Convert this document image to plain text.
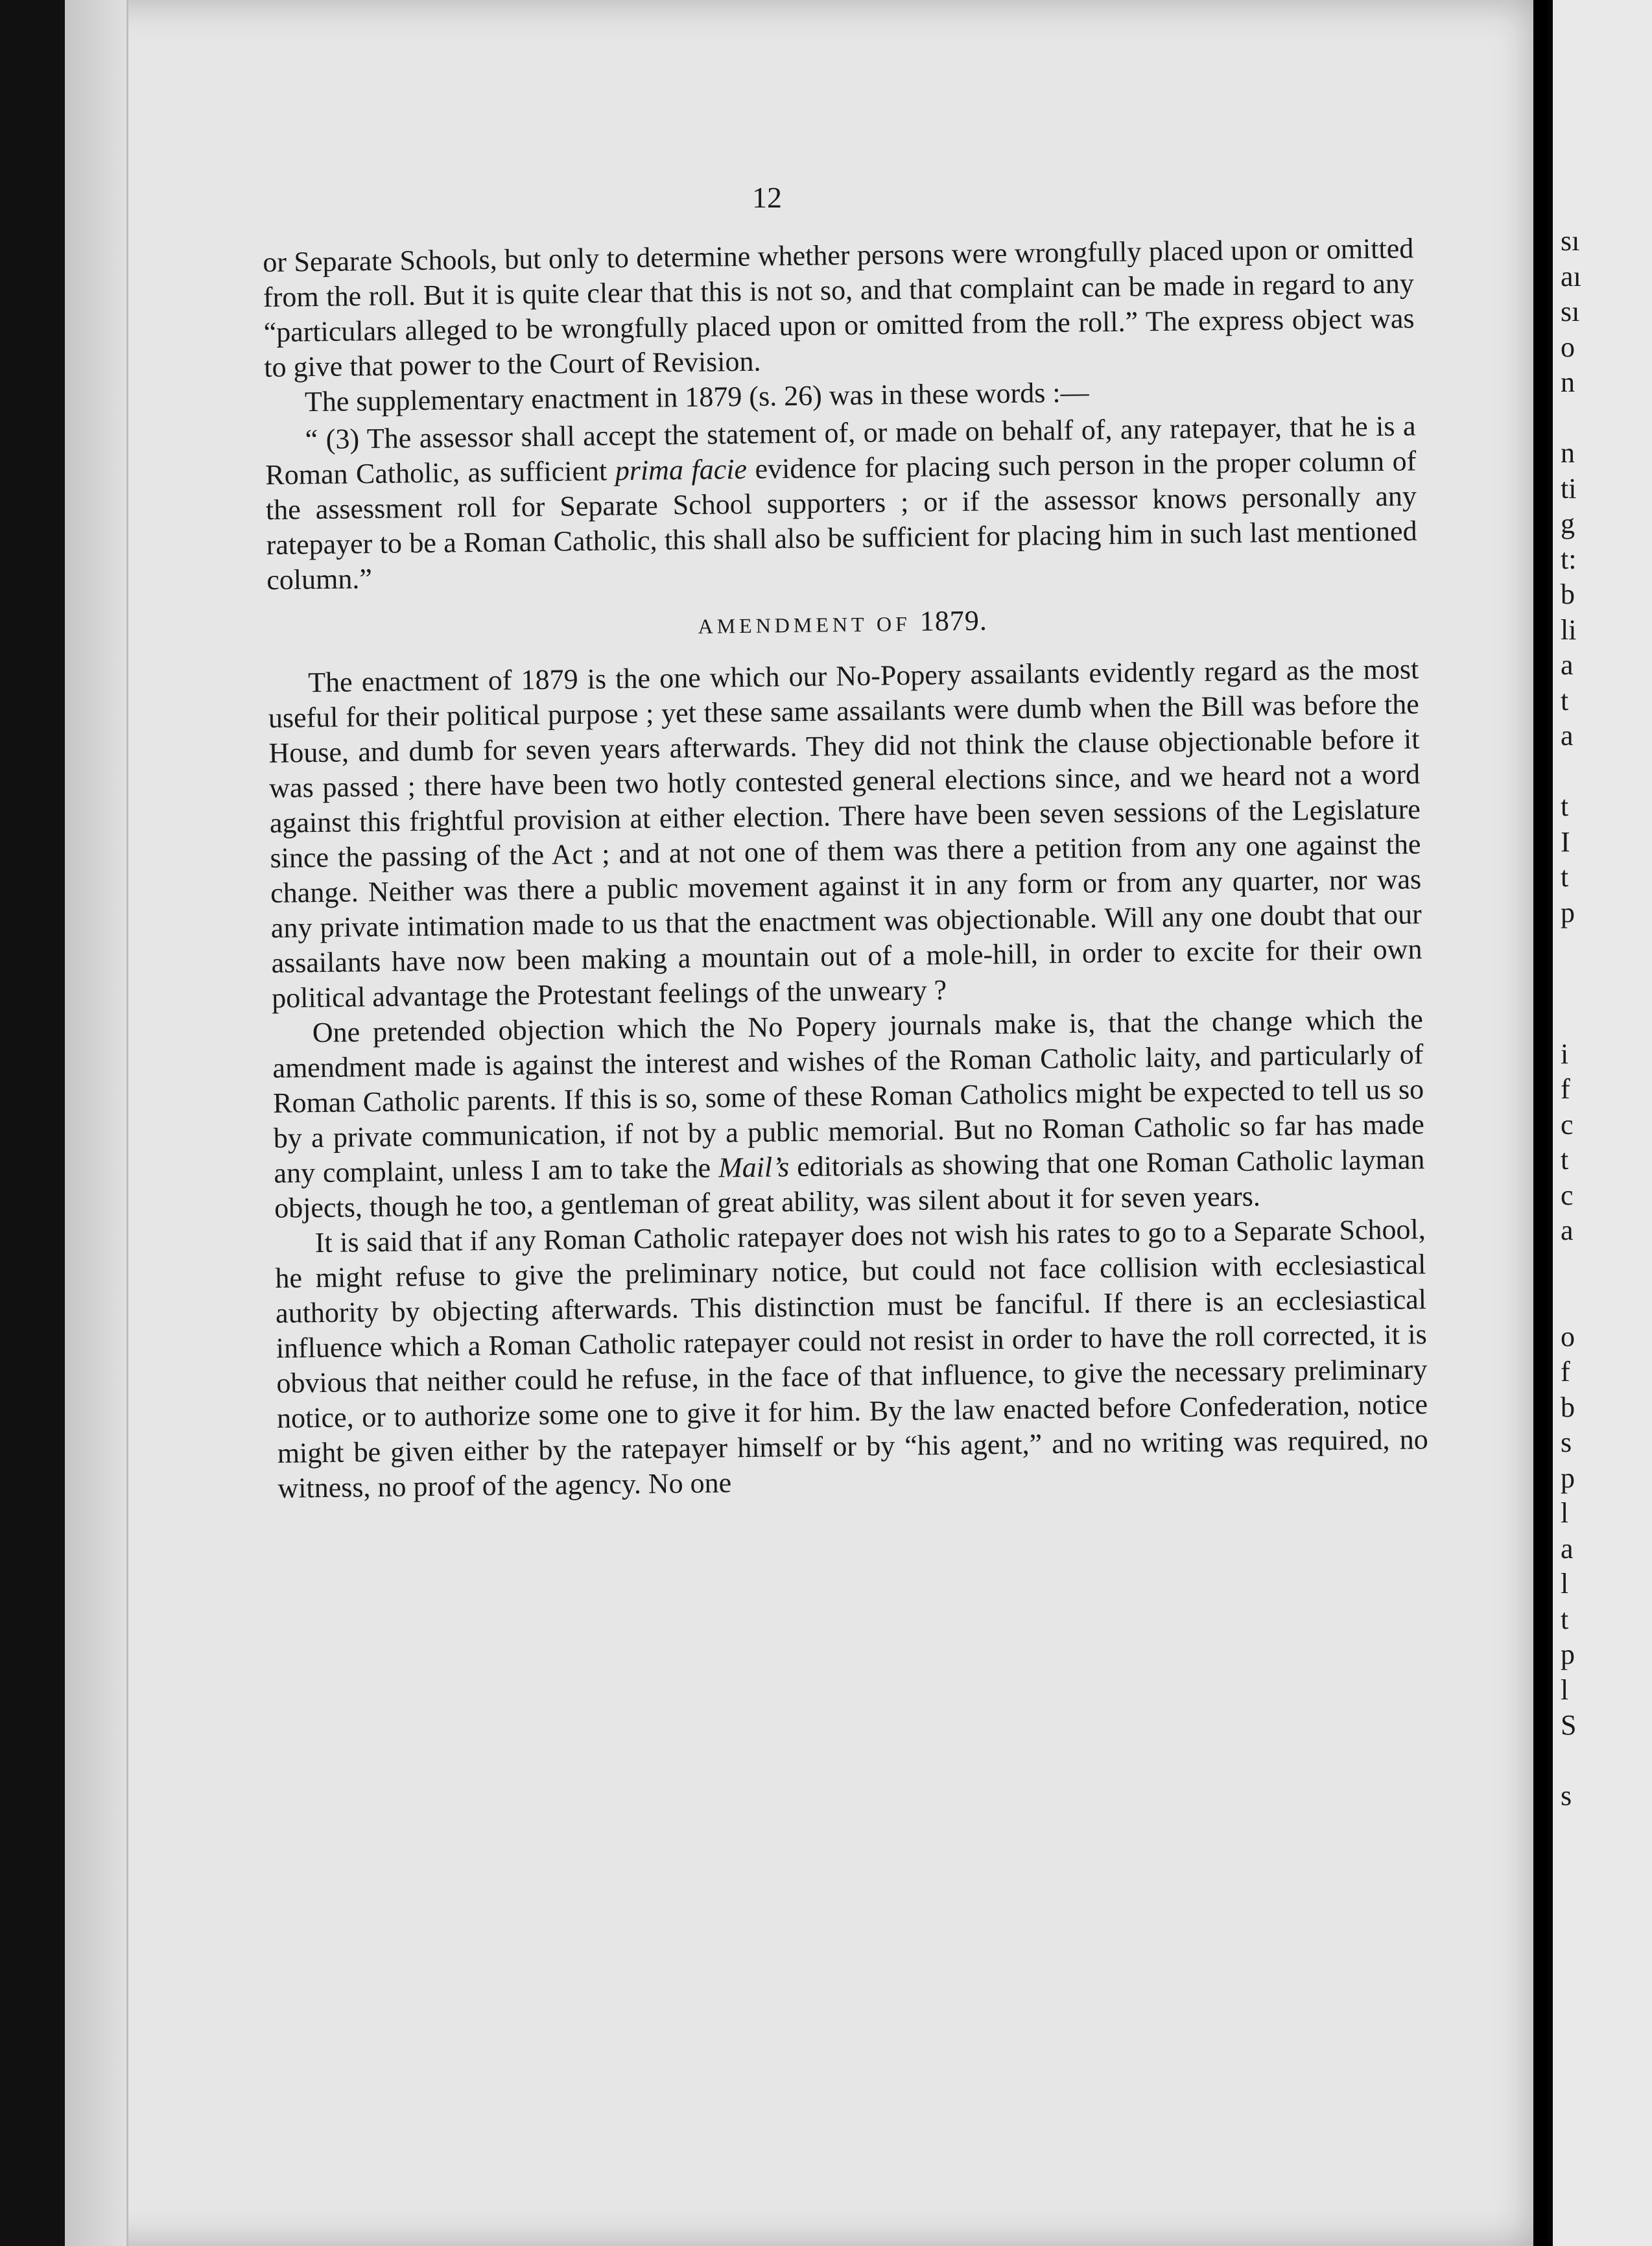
12

or Separate Schools, but only to determine whether persons were wrongfully placed upon or omitted from the roll. But it is quite clear that this is not so, and that complaint can be made in regard to any “particulars alleged to be wrongfully placed upon or omitted from the roll.” The express object was to give that power to the Court of Revision.

The supplementary enactment in 1879 (s. 26) was in these words :—

“ (3) The assessor shall accept the statement of, or made on behalf of, any ratepayer, that he is a Roman Catholic, as sufficient prima facie evidence for placing such person in the proper column of the assessment roll for Separate School supporters ; or if the assessor knows personally any ratepayer to be a Roman Catholic, this shall also be sufficient for placing him in such last mentioned column.”

AMENDMENT OF 1879.

The enactment of 1879 is the one which our No-Popery assailants evidently regard as the most useful for their political purpose ; yet these same assailants were dumb when the Bill was before the House, and dumb for seven years afterwards. They did not think the clause objectionable before it was passed ; there have been two hotly contested general elections since, and we heard not a word against this frightful provision at either election. There have been seven sessions of the Legislature since the passing of the Act ; and at not one of them was there a petition from any one against the change. Neither was there a public movement against it in any form or from any quarter, nor was any private intimation made to us that the enactment was objectionable. Will any one doubt that our assailants have now been making a mountain out of a mole-hill, in order to excite for their own political advantage the Protestant feelings of the unweary ?

One pretended objection which the No Popery journals make is, that the change which the amendment made is against the interest and wishes of the Roman Catholic laity, and particularly of Roman Catholic parents. If this is so, some of these Roman Catholics might be expected to tell us so by a private communication, if not by a public memorial. But no Roman Catholic so far has made any complaint, unless I am to take the Mail’s editorials as showing that one Roman Catholic layman objects, though he too, a gentleman of great ability, was silent about it for seven years.

It is said that if any Roman Catholic ratepayer does not wish his rates to go to a Separate School, he might refuse to give the preliminary notice, but could not face collision with ecclesiastical authority by objecting afterwards. This distinction must be fanciful. If there is an ecclesiastical influence which a Roman Catholic ratepayer could not resist in order to have the roll corrected, it is obvious that neither could he refuse, in the face of that influence, to give the necessary preliminary notice, or to authorize some one to give it for him. By the law enacted before Confederation, notice might be given either by the ratepayer himself or by “his agent,” and no writing was required, no witness, no proof of the agency. No one

sı
aı
sı
o
n
n
ti
g
t:
b
li
a
t
a
t
I
t
p
i
f
c
t
c
a
o
f
b
s
p
l
a
l
t
p
l
S
s
